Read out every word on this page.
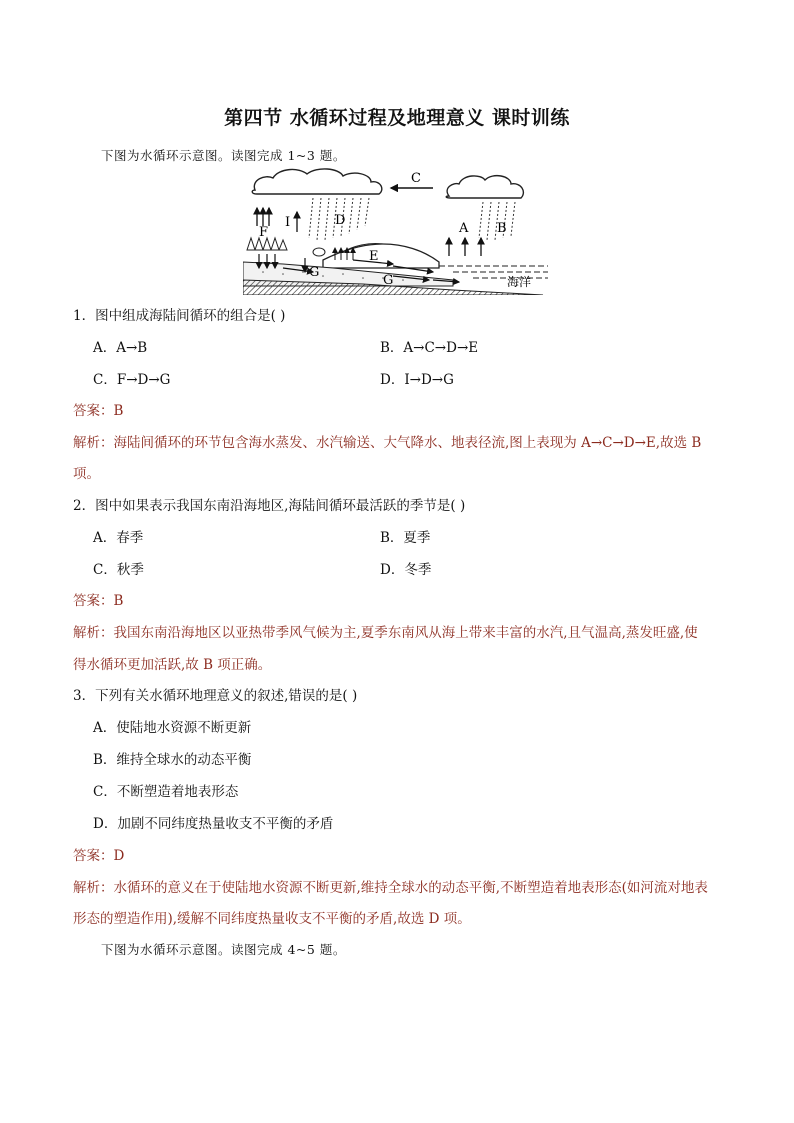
第四节 水循环过程及地理意义 课时训练
下图为水循环示意图。读图完成 1~3 题。
C
D
B
A
F
I
G
E
G	海洋
1．图中组成海陆间循环的组合是( )
A．A→B	B．A→C→D→E
C．F→D→G	D．I→D→G
答案：B
解析：海陆间循环的环节包含海水蒸发、水汽输送、大气降水、地表径流,图上表现为 A→C→D→E,故选 B
项。
2．图中如果表示我国东南沿海地区,海陆间循环最活跃的季节是( )
A．春季	B．夏季
C．秋季	D．冬季
答案：B
解析：我国东南沿海地区以亚热带季风气候为主,夏季东南风从海上带来丰富的水汽,且气温高,蒸发旺盛,使
得水循环更加活跃,故 B 项正确。
3．下列有关水循环地理意义的叙述,错误的是( )
A．使陆地水资源不断更新
B．维持全球水的动态平衡
C．不断塑造着地表形态
D．加剧不同纬度热量收支不平衡的矛盾
答案：D
解析：水循环的意义在于使陆地水资源不断更新,维持全球水的动态平衡,不断塑造着地表形态(如河流对地表
形态的塑造作用),缓解不同纬度热量收支不平衡的矛盾,故选 D 项。
下图为水循环示意图。读图完成 4~5 题。
